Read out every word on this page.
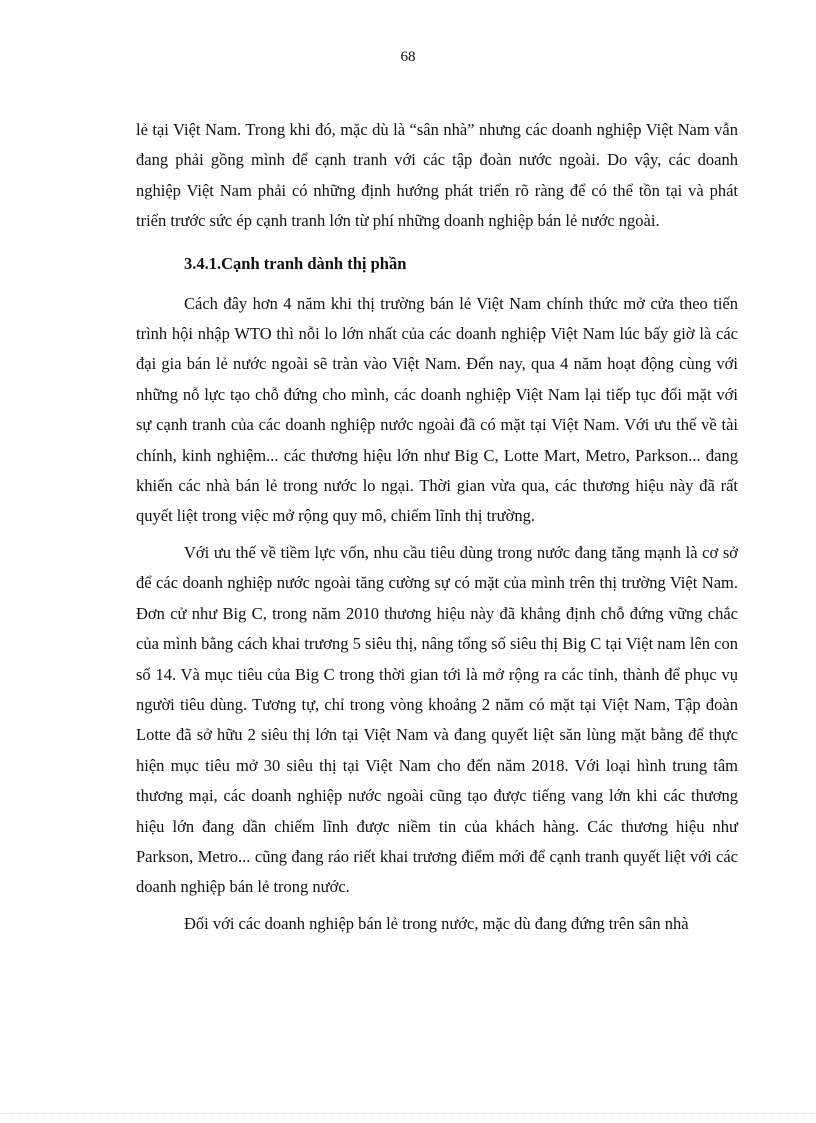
68

lẻ tại Việt Nam. Trong khi đó, mặc dù là “sân nhà” nhưng các doanh nghiệp Việt Nam vẫn đang phải gồng mình để cạnh tranh với các tập đoàn nước ngoài. Do vậy, các doanh nghiệp Việt Nam phải có những định hướng phát triển rõ ràng để có thể tồn tại và phát triển trước sức ép cạnh tranh lớn từ phí những doanh nghiệp bán lẻ nước ngoài.

3.4.1.Cạnh tranh dành thị phần

Cách đây hơn 4 năm khi thị trường bán lẻ Việt Nam chính thức mở cửa theo tiến trình hội nhập WTO thì nỗi lo lớn nhất của các doanh nghiệp Việt Nam lúc bấy giờ là các đại gia bán lẻ nước ngoài sẽ tràn vào Việt Nam. Đến nay, qua 4 năm hoạt động cùng với những nỗ lực tạo chỗ đứng cho mình, các doanh nghiệp Việt Nam lại tiếp tục đối mặt với sự cạnh tranh của các doanh nghiệp nước ngoài đã có mặt tại Việt Nam. Với ưu thế về tài chính, kinh nghiệm... các thương hiệu lớn như Big C, Lotte Mart, Metro, Parkson... đang khiến các nhà bán lẻ trong nước lo ngại. Thời gian vừa qua, các thương hiệu này đã rất quyết liệt trong việc mở rộng quy mô, chiếm lĩnh thị trường.

Với ưu thế về tiềm lực vốn, nhu cầu tiêu dùng trong nước đang tăng mạnh là cơ sở để các doanh nghiệp nước ngoài tăng cường sự có mặt của mình trên thị trường Việt Nam. Đơn cử như Big C, trong năm 2010 thương hiệu này đã khẳng định chỗ đứng vững chắc của mình bằng cách khai trương 5 siêu thị, nâng tổng số siêu thị Big C tại Việt nam lên con số 14. Và mục tiêu của Big C trong thời gian tới là mở rộng ra các tỉnh, thành để phục vụ người tiêu dùng. Tương tự, chỉ trong vòng khoảng 2 năm có mặt tại Việt Nam, Tập đoàn Lotte đã sở hữu 2 siêu thị lớn tại Việt Nam và đang quyết liệt săn lùng mặt bằng để thực hiện mục tiêu mở 30 siêu thị tại Việt Nam cho đến năm 2018. Với loại hình trung tâm thương mại, các doanh nghiệp nước ngoài cũng tạo được tiếng vang lớn khi các thương hiệu lớn đang dần chiếm lĩnh được niềm tin của khách hàng. Các thương hiệu như Parkson, Metro... cũng đang ráo riết khai trương điểm mới để cạnh tranh quyết liệt với các doanh nghiệp bán lẻ trong nước.

Đối với các doanh nghiệp bán lẻ trong nước, mặc dù đang đứng trên sân nhà
